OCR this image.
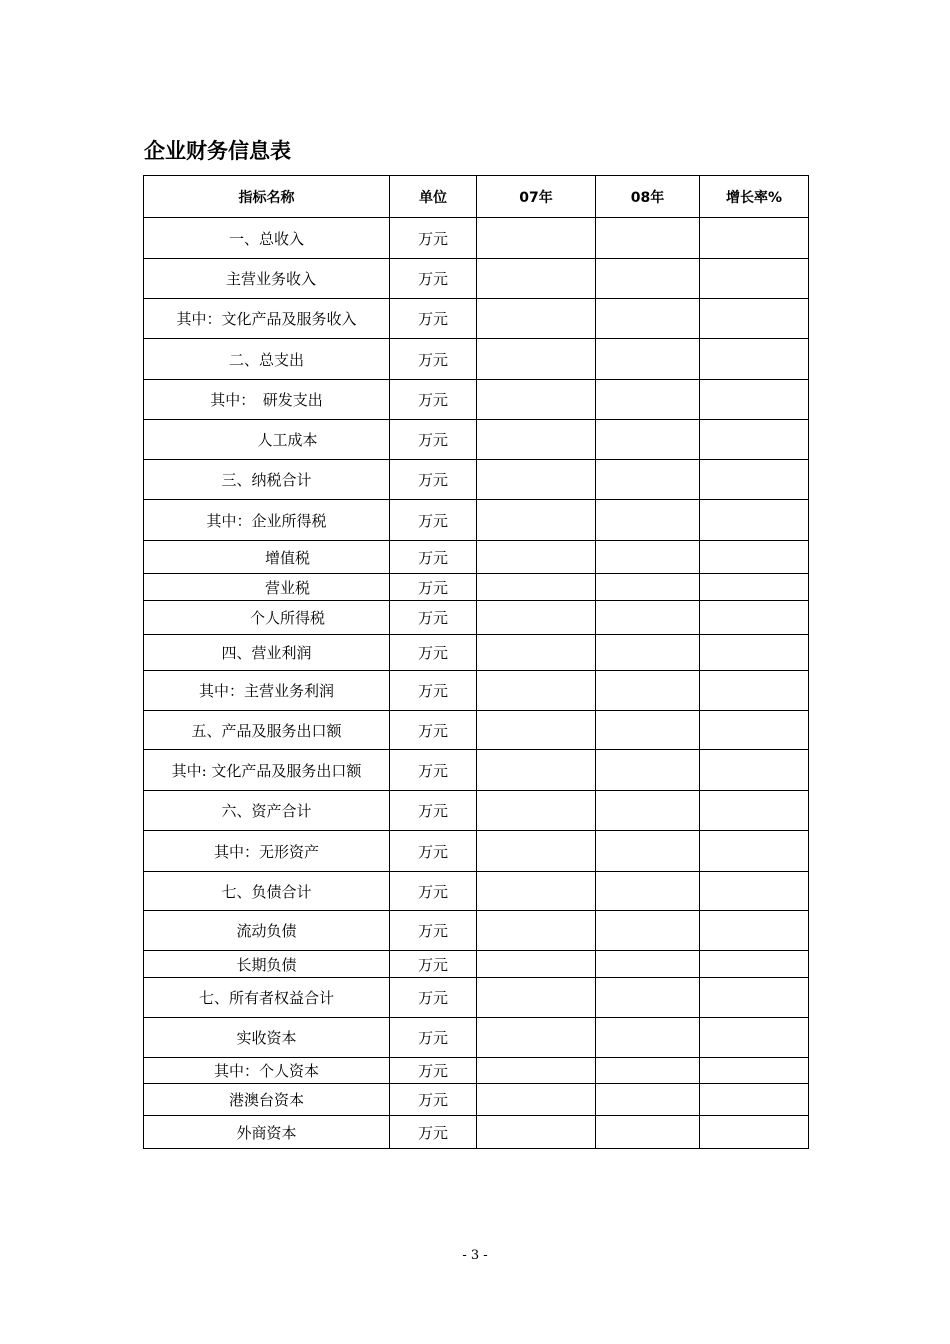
企业财务信息表
指标名称	单位	07年	08年	增长率%
一、总收入	万元			
主营业务收入	万元			
其中：文化产品及服务收入	万元			
二、总支出	万元			
其中：　研发支出	万元			
人工成本	万元			
三、纳税合计	万元			
其中：企业所得税	万元			
增值税	万元			
营业税	万元			
个人所得税	万元			
四、营业利润	万元			
其中：主营业务利润	万元			
五、产品及服务出口额	万元			
其中: 文化产品及服务出口额	万元			
六、资产合计	万元			
其中：无形资产	万元			
七、负债合计	万元			
流动负债	万元			
长期负债	万元			
七、所有者权益合计	万元			
实收资本	万元			
其中：个人资本	万元			
港澳台资本	万元			
外商资本	万元			
- 3 -
